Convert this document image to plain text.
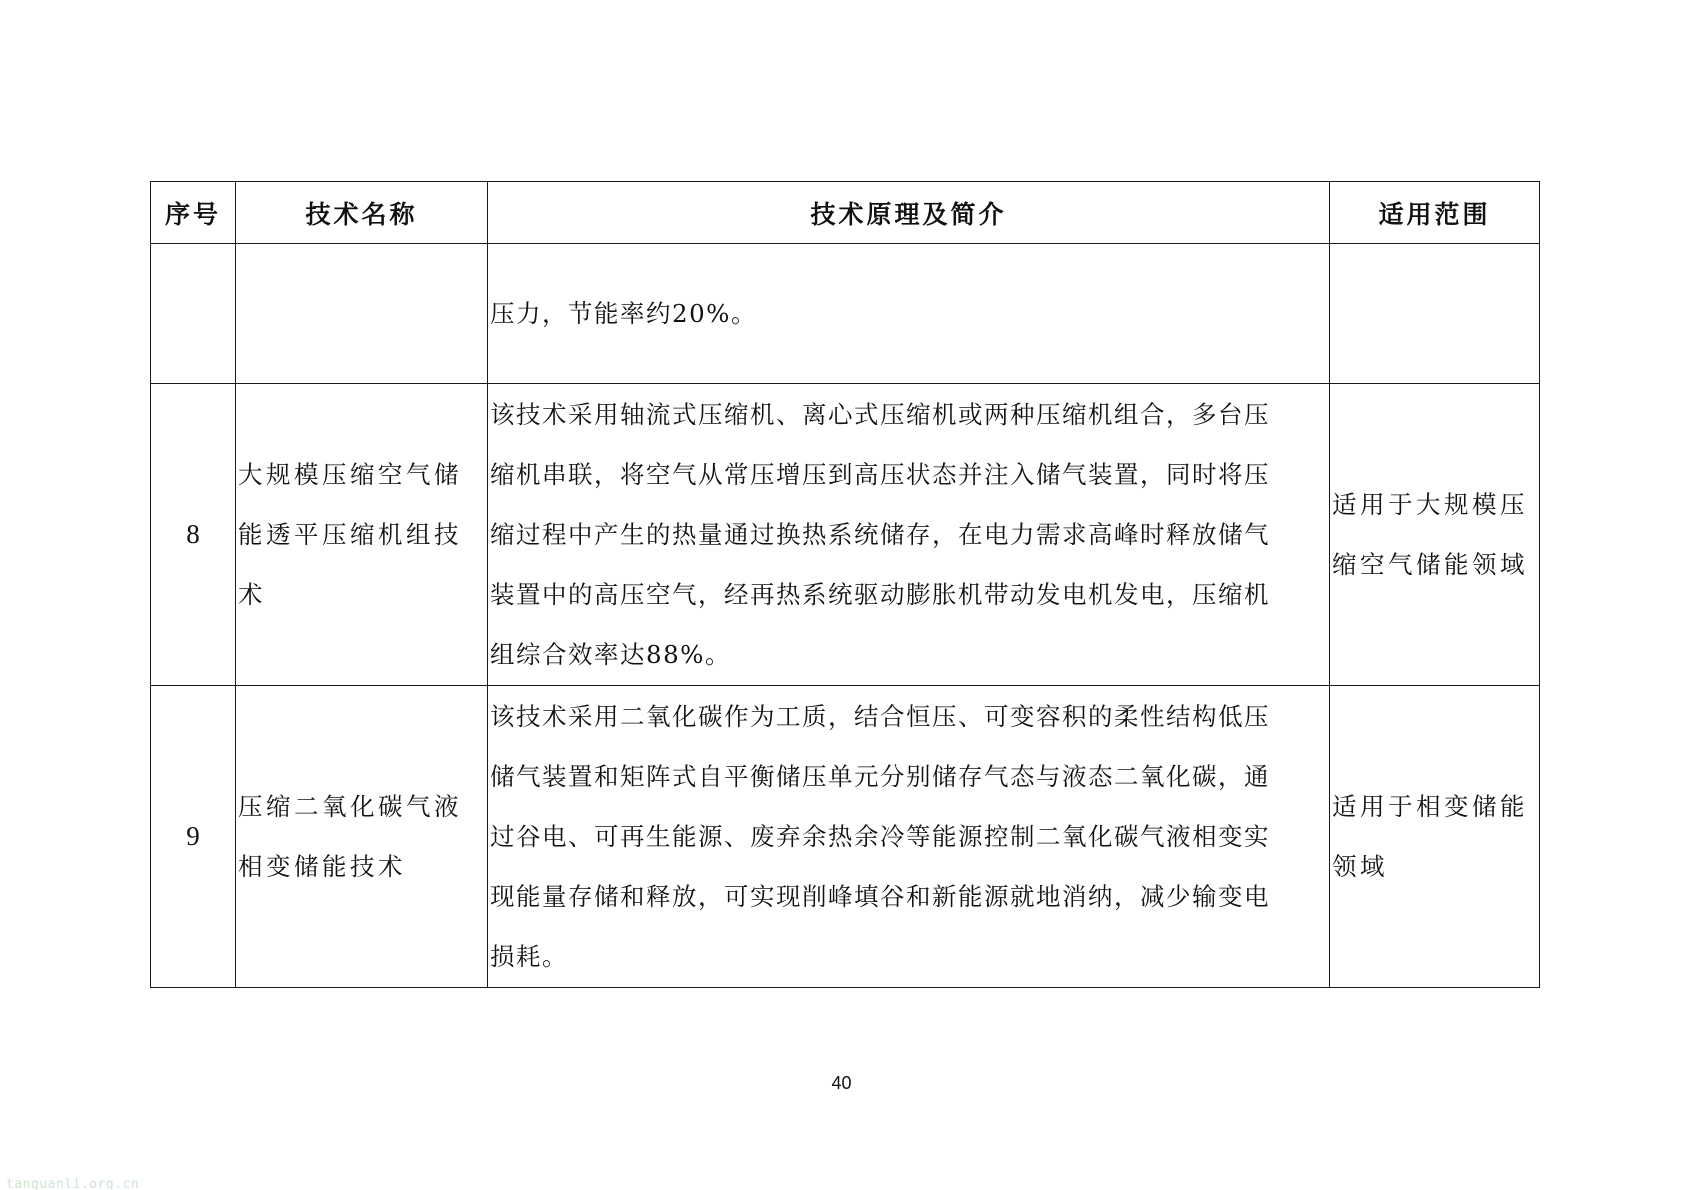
序号	技术名称	技术原理及简介	适用范围

		压力，节能率约20%。	

8	大规模压缩空气储
能透平压缩机组技
术	该技术采用轴流式压缩机、离心式压缩机或两种压缩机组合，多台压
缩机串联，将空气从常压增压到高压状态并注入储气装置，同时将压
缩过程中产生的热量通过换热系统储存，在电力需求高峰时释放储气
装置中的高压空气，经再热系统驱动膨胀机带动发电机发电，压缩机
组综合效率达88%。	适用于大规模压
缩空气储能领域

9	压缩二氧化碳气液
相变储能技术	该技术采用二氧化碳作为工质，结合恒压、可变容积的柔性结构低压
储气装置和矩阵式自平衡储压单元分别储存气态与液态二氧化碳，通
过谷电、可再生能源、废弃余热余冷等能源控制二氧化碳气液相变实
现能量存储和释放，可实现削峰填谷和新能源就地消纳，减少输变电
损耗。	适用于相变储能
领域
40
tanguanli.org.cn
